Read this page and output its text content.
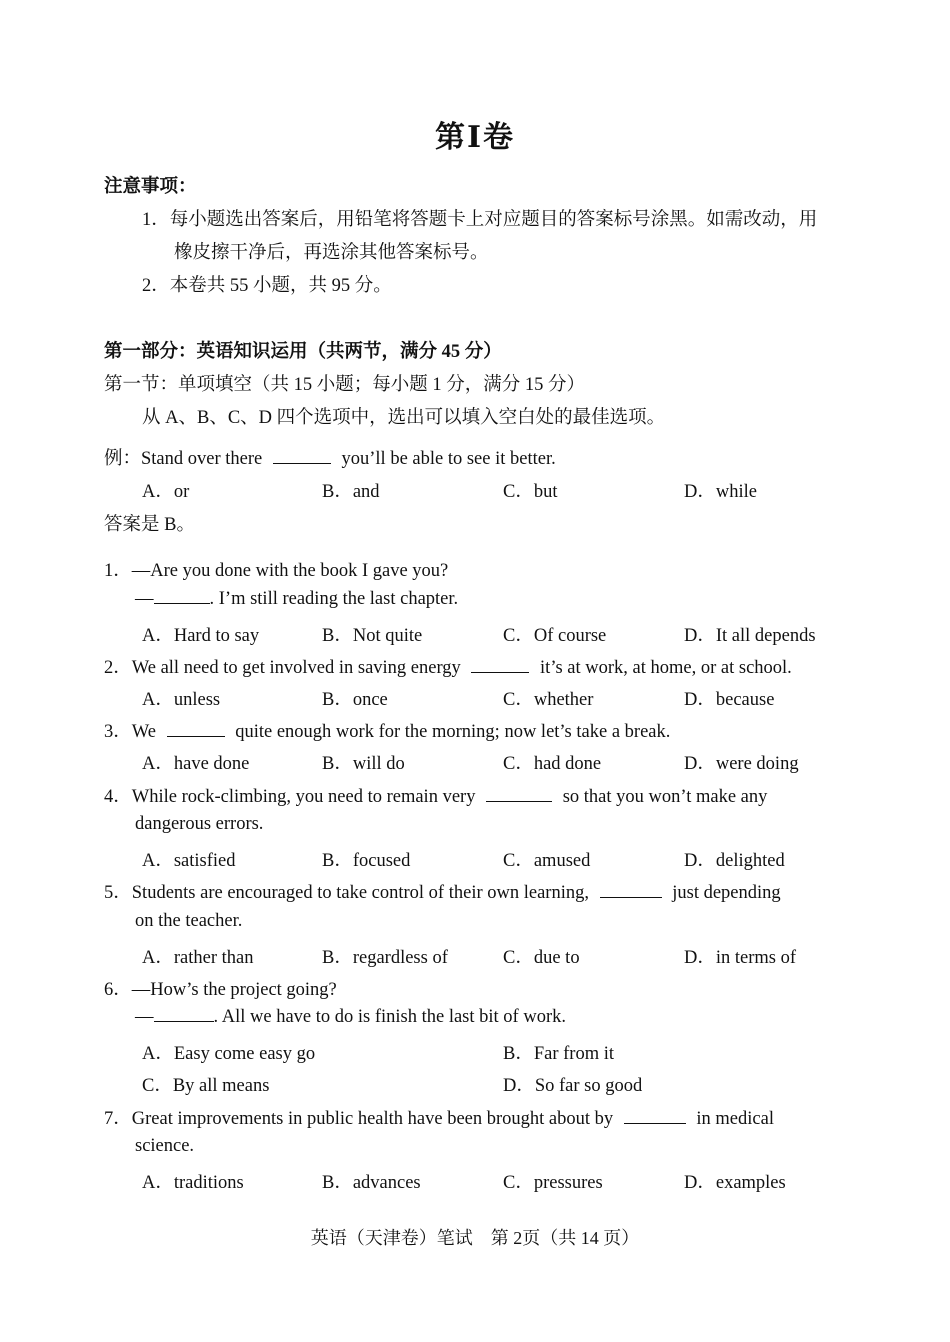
第Ⅰ卷
注意事项：
1．每小题选出答案后，用铅笔将答题卡上对应题目的答案标号涂黑。如需改动，用
橡皮擦干净后，再选涂其他答案标号。
2．本卷共 55 小题，共 95 分。
第一部分：英语知识运用（共两节，满分 45 分）
第一节：单项填空（共 15 小题；每小题 1 分，满分 15 分）
从 A、B、C、D 四个选项中，选出可以填入空白处的最佳选项。
例：Stand over there	you’ll be able to see it better.
A．or	B．and	C．but	D．while
答案是 B。
1．—Are you done with the book I gave you?
—	. I’m still reading the last chapter.
A．Hard to say	B．Not quite	C．Of course	D．It all depends
2．We all need to get involved in saving energy	it’s at work, at home, or at school.
A．unless	B．once	C．whether	D．because
3．We	quite enough work for the morning; now let’s take a break.
A．have done	B．will do	C．had done	D．were doing
4．While rock-climbing, you need to remain very	so that you won’t make any
dangerous errors.
A．satisfied	B．focused	C．amused	D．delighted
5．Students are encouraged to take control of their own learning,	just depending
on the teacher.
A．rather than	B．regardless of	C．due to	D．in terms of
6．—How’s the project going?
—	. All we have to do is finish the last bit of work.
A．Easy come easy go	B．Far from it
C．By all means	D．So far so good
7．Great improvements in public health have been brought about by	in medical
science.
A．traditions	B．advances	C．pressures	D．examples
英语（天津卷）笔试　第 2页（共 14 页）
